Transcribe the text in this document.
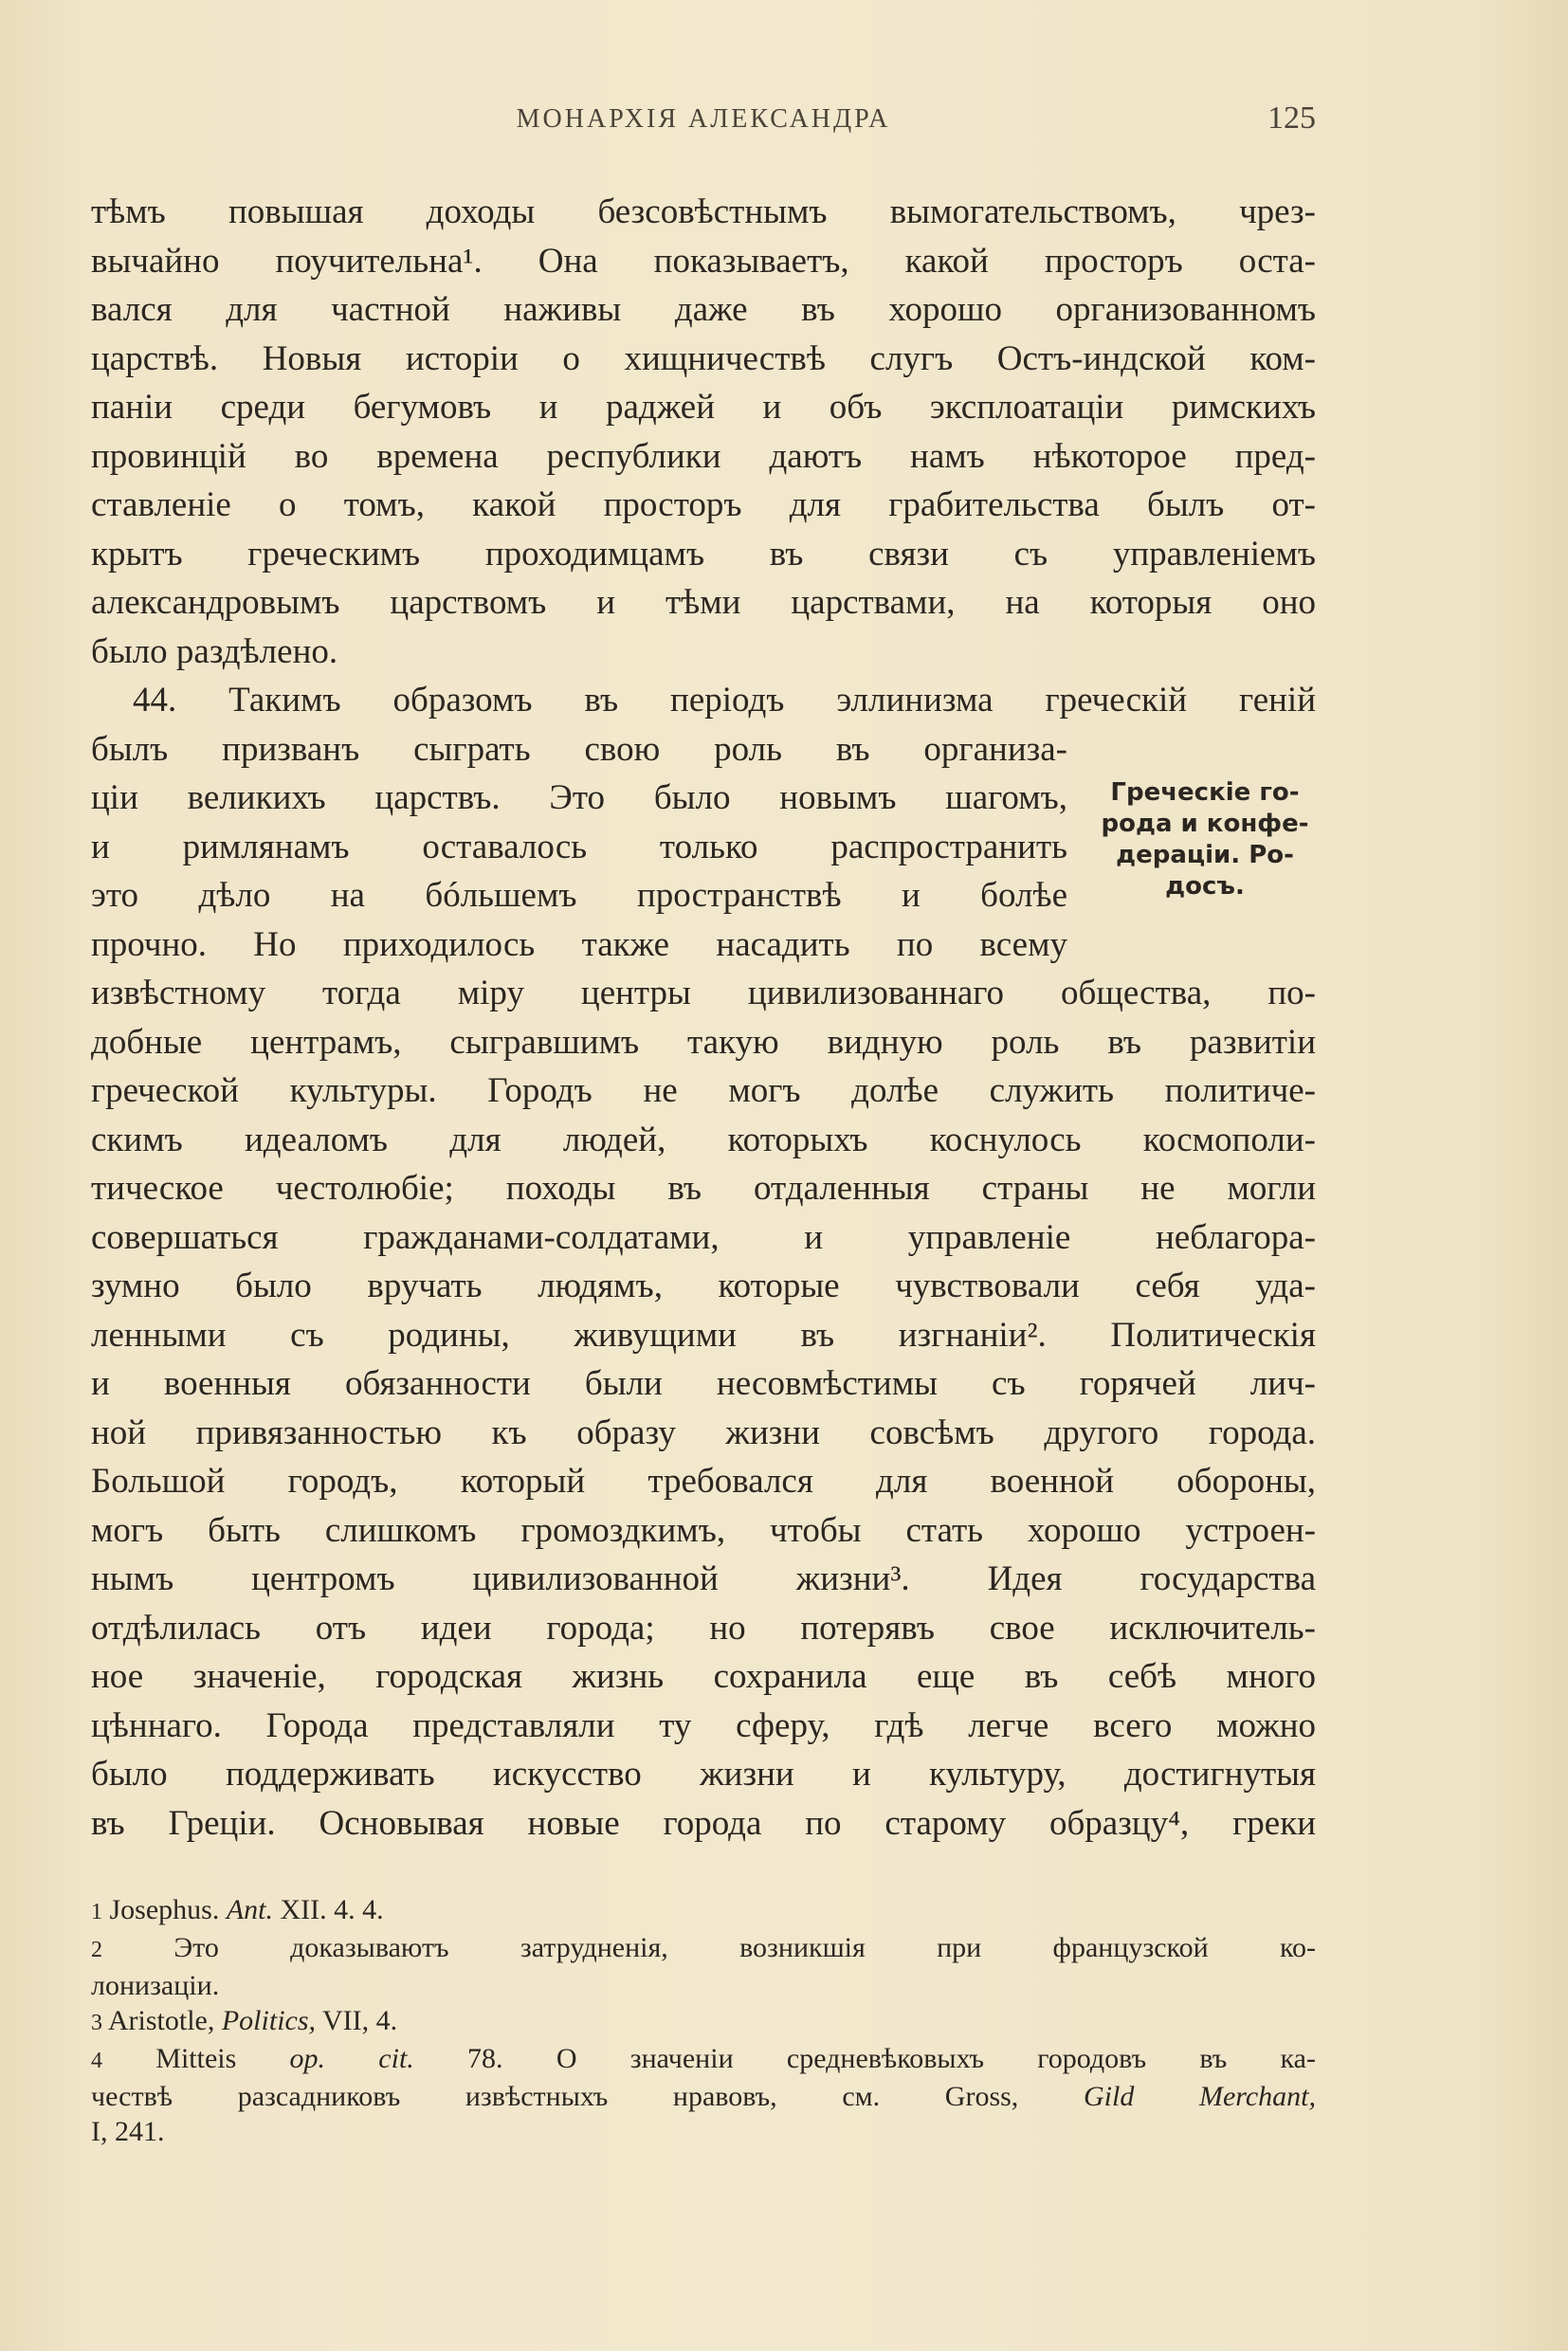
МОНАРХІЯ АЛЕКСАНДРА	125
тѣмъ повышая доходы безсовѣстнымъ вымогательствомъ, чрез-
вычайно поучительна¹. Она показываетъ, какой просторъ оста-
вался для частной наживы даже въ хорошо организованномъ
царствѣ. Новыя исторіи о хищничествѣ слугъ Остъ-индской ком-
паніи среди бегумовъ и раджей и объ эксплоатаціи римскихъ
провинцій во времена республики даютъ намъ нѣкоторое пред-
ставленіе о томъ, какой просторъ для грабительства былъ от-
крытъ греческимъ проходимцамъ въ связи съ управленіемъ
александровымъ царствомъ и тѣми царствами, на которыя оно
было раздѣлено.
44. Такимъ образомъ въ періодъ эллинизма греческій геній
былъ призванъ сыграть свою роль въ организа-
ціи великихъ царствъ. Это было новымъ шагомъ,
и римлянамъ оставалось только распространить
это дѣло на бóльшемъ пространствѣ и болѣе
прочно. Но приходилось также насадить по всему
извѣстному тогда міру центры цивилизованнаго общества, по-
добные центрамъ, сыгравшимъ такую видную роль въ развитіи
греческой культуры. Городъ не могъ долѣе служить политиче-
скимъ идеаломъ для людей, которыхъ коснулось космополи-
тическое честолюбіе; походы въ отдаленныя страны не могли
совершаться гражданами-солдатами, и управленіе неблагора-
зумно было вручать людямъ, которые чувствовали себя уда-
ленными съ родины, живущими въ изгнаніи². Политическія
и военныя обязанности были несовмѣстимы съ горячей лич-
ной привязанностью къ образу жизни совсѣмъ другого города.
Большой городъ, который требовался для военной обороны,
могъ быть слишкомъ громоздкимъ, чтобы стать хорошо устроен-
нымъ центромъ цивилизованной жизни³. Идея государства
отдѣлилась отъ идеи города; но потерявъ свое исключитель-
ное значеніе, городская жизнь сохранила еще въ себѣ много
цѣннаго. Города представляли ту сферу, гдѣ легче всего можно
было поддерживать искусство жизни и культуру, достигнутыя
въ Греціи. Основывая новые города по старому образцу⁴, греки
Греческіе го-
рода и конфе-
дераціи. Ро-
досъ.
1 Josephus. Ant. XII. 4. 4.
2	Это доказываютъ затрудненія, возникшія при французской ко-
лонизаціи.
3 Aristotle, Politics, VII, 4.
4 Mitteis op. cit. 78. О значеніи средневѣковыхъ городовъ въ ка-
чествѣ разсадниковъ извѣстныхъ нравовъ, см. Gross, Gild Merchant,
I, 241.
